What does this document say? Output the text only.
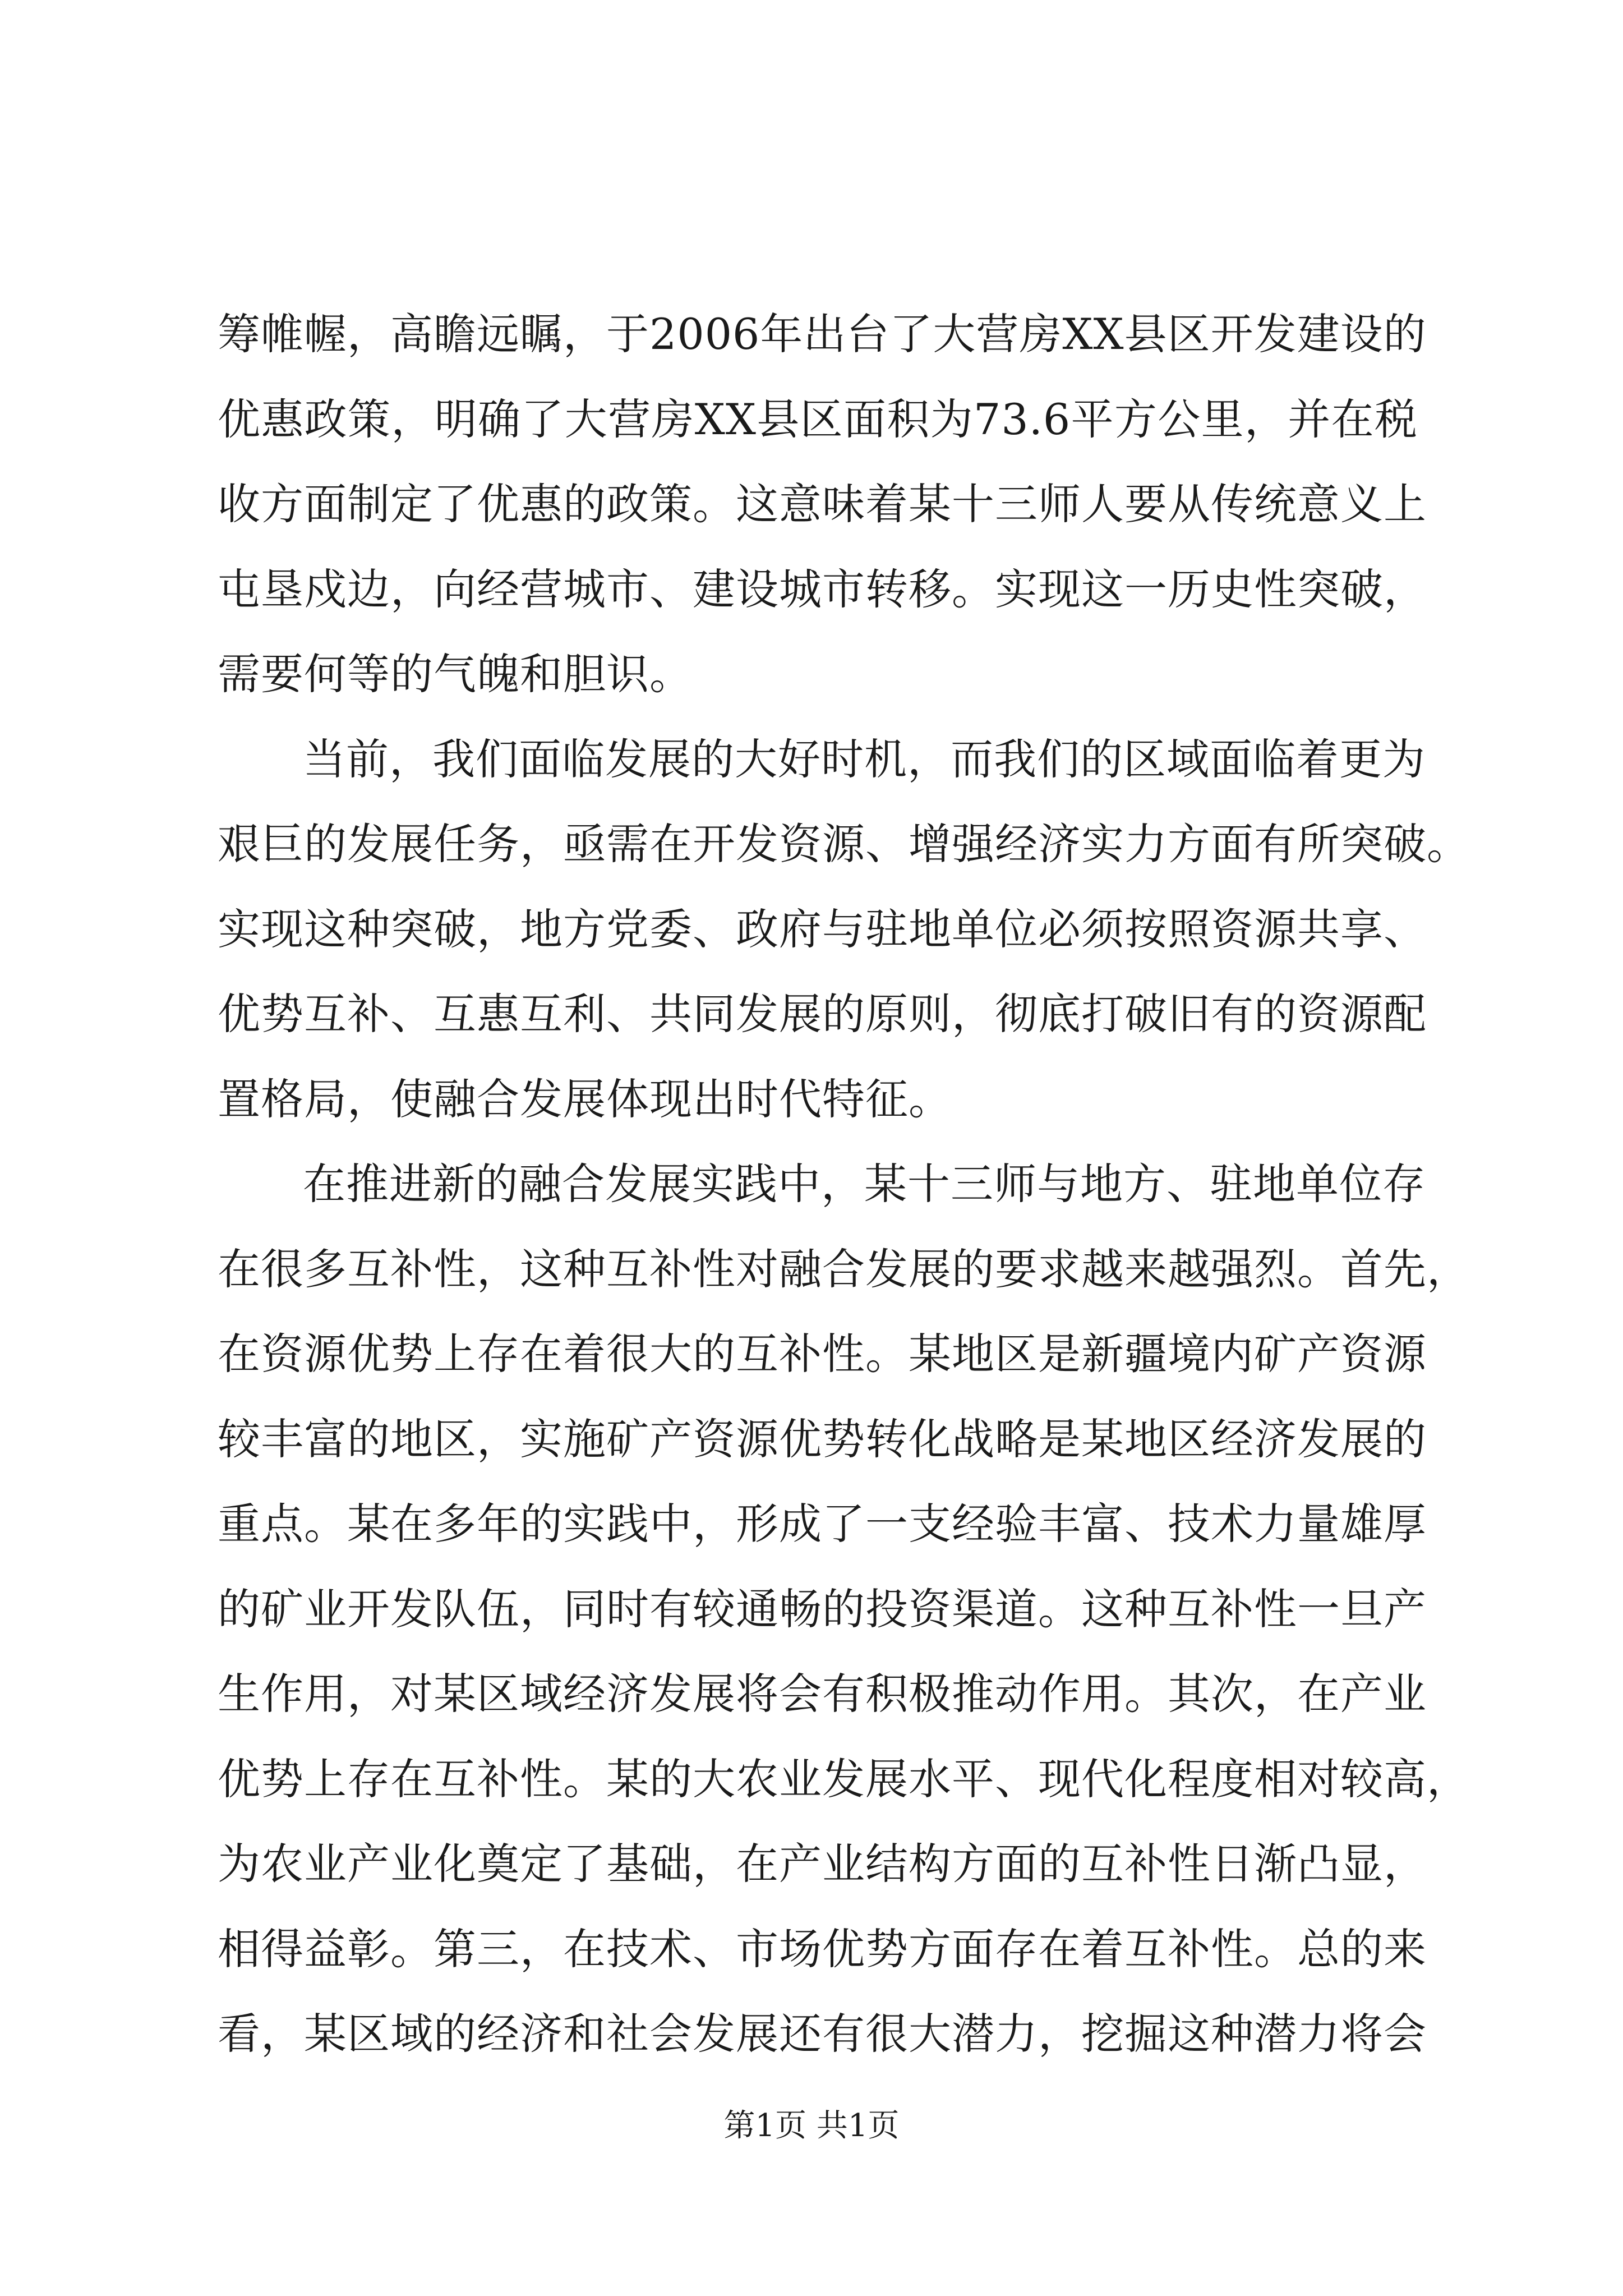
筹帷幄，高瞻远瞩，于2006年出台了大营房XX县区开发建设的
优惠政策，明确了大营房XX县区面积为73.6平方公里，并在税
收方面制定了优惠的政策。这意味着某十三师人要从传统意义上
屯垦戍边，向经营城市、建设城市转移。实现这一历史性突破，
需要何等的气魄和胆识。
当前，我们面临发展的大好时机，而我们的区域面临着更为
艰巨的发展任务，亟需在开发资源、增强经济实力方面有所突破。
实现这种突破，地方党委、政府与驻地单位必须按照资源共享、
优势互补、互惠互利、共同发展的原则，彻底打破旧有的资源配
置格局，使融合发展体现出时代特征。
在推进新的融合发展实践中，某十三师与地方、驻地单位存
在很多互补性，这种互补性对融合发展的要求越来越强烈。首先，
在资源优势上存在着很大的互补性。某地区是新疆境内矿产资源
较丰富的地区，实施矿产资源优势转化战略是某地区经济发展的
重点。某在多年的实践中，形成了一支经验丰富、技术力量雄厚
的矿业开发队伍，同时有较通畅的投资渠道。这种互补性一旦产
生作用，对某区域经济发展将会有积极推动作用。其次，在产业
优势上存在互补性。某的大农业发展水平、现代化程度相对较高，
为农业产业化奠定了基础，在产业结构方面的互补性日渐凸显，
相得益彰。第三，在技术、市场优势方面存在着互补性。总的来
看，某区域的经济和社会发展还有很大潜力，挖掘这种潜力将会
第1页 共1页
